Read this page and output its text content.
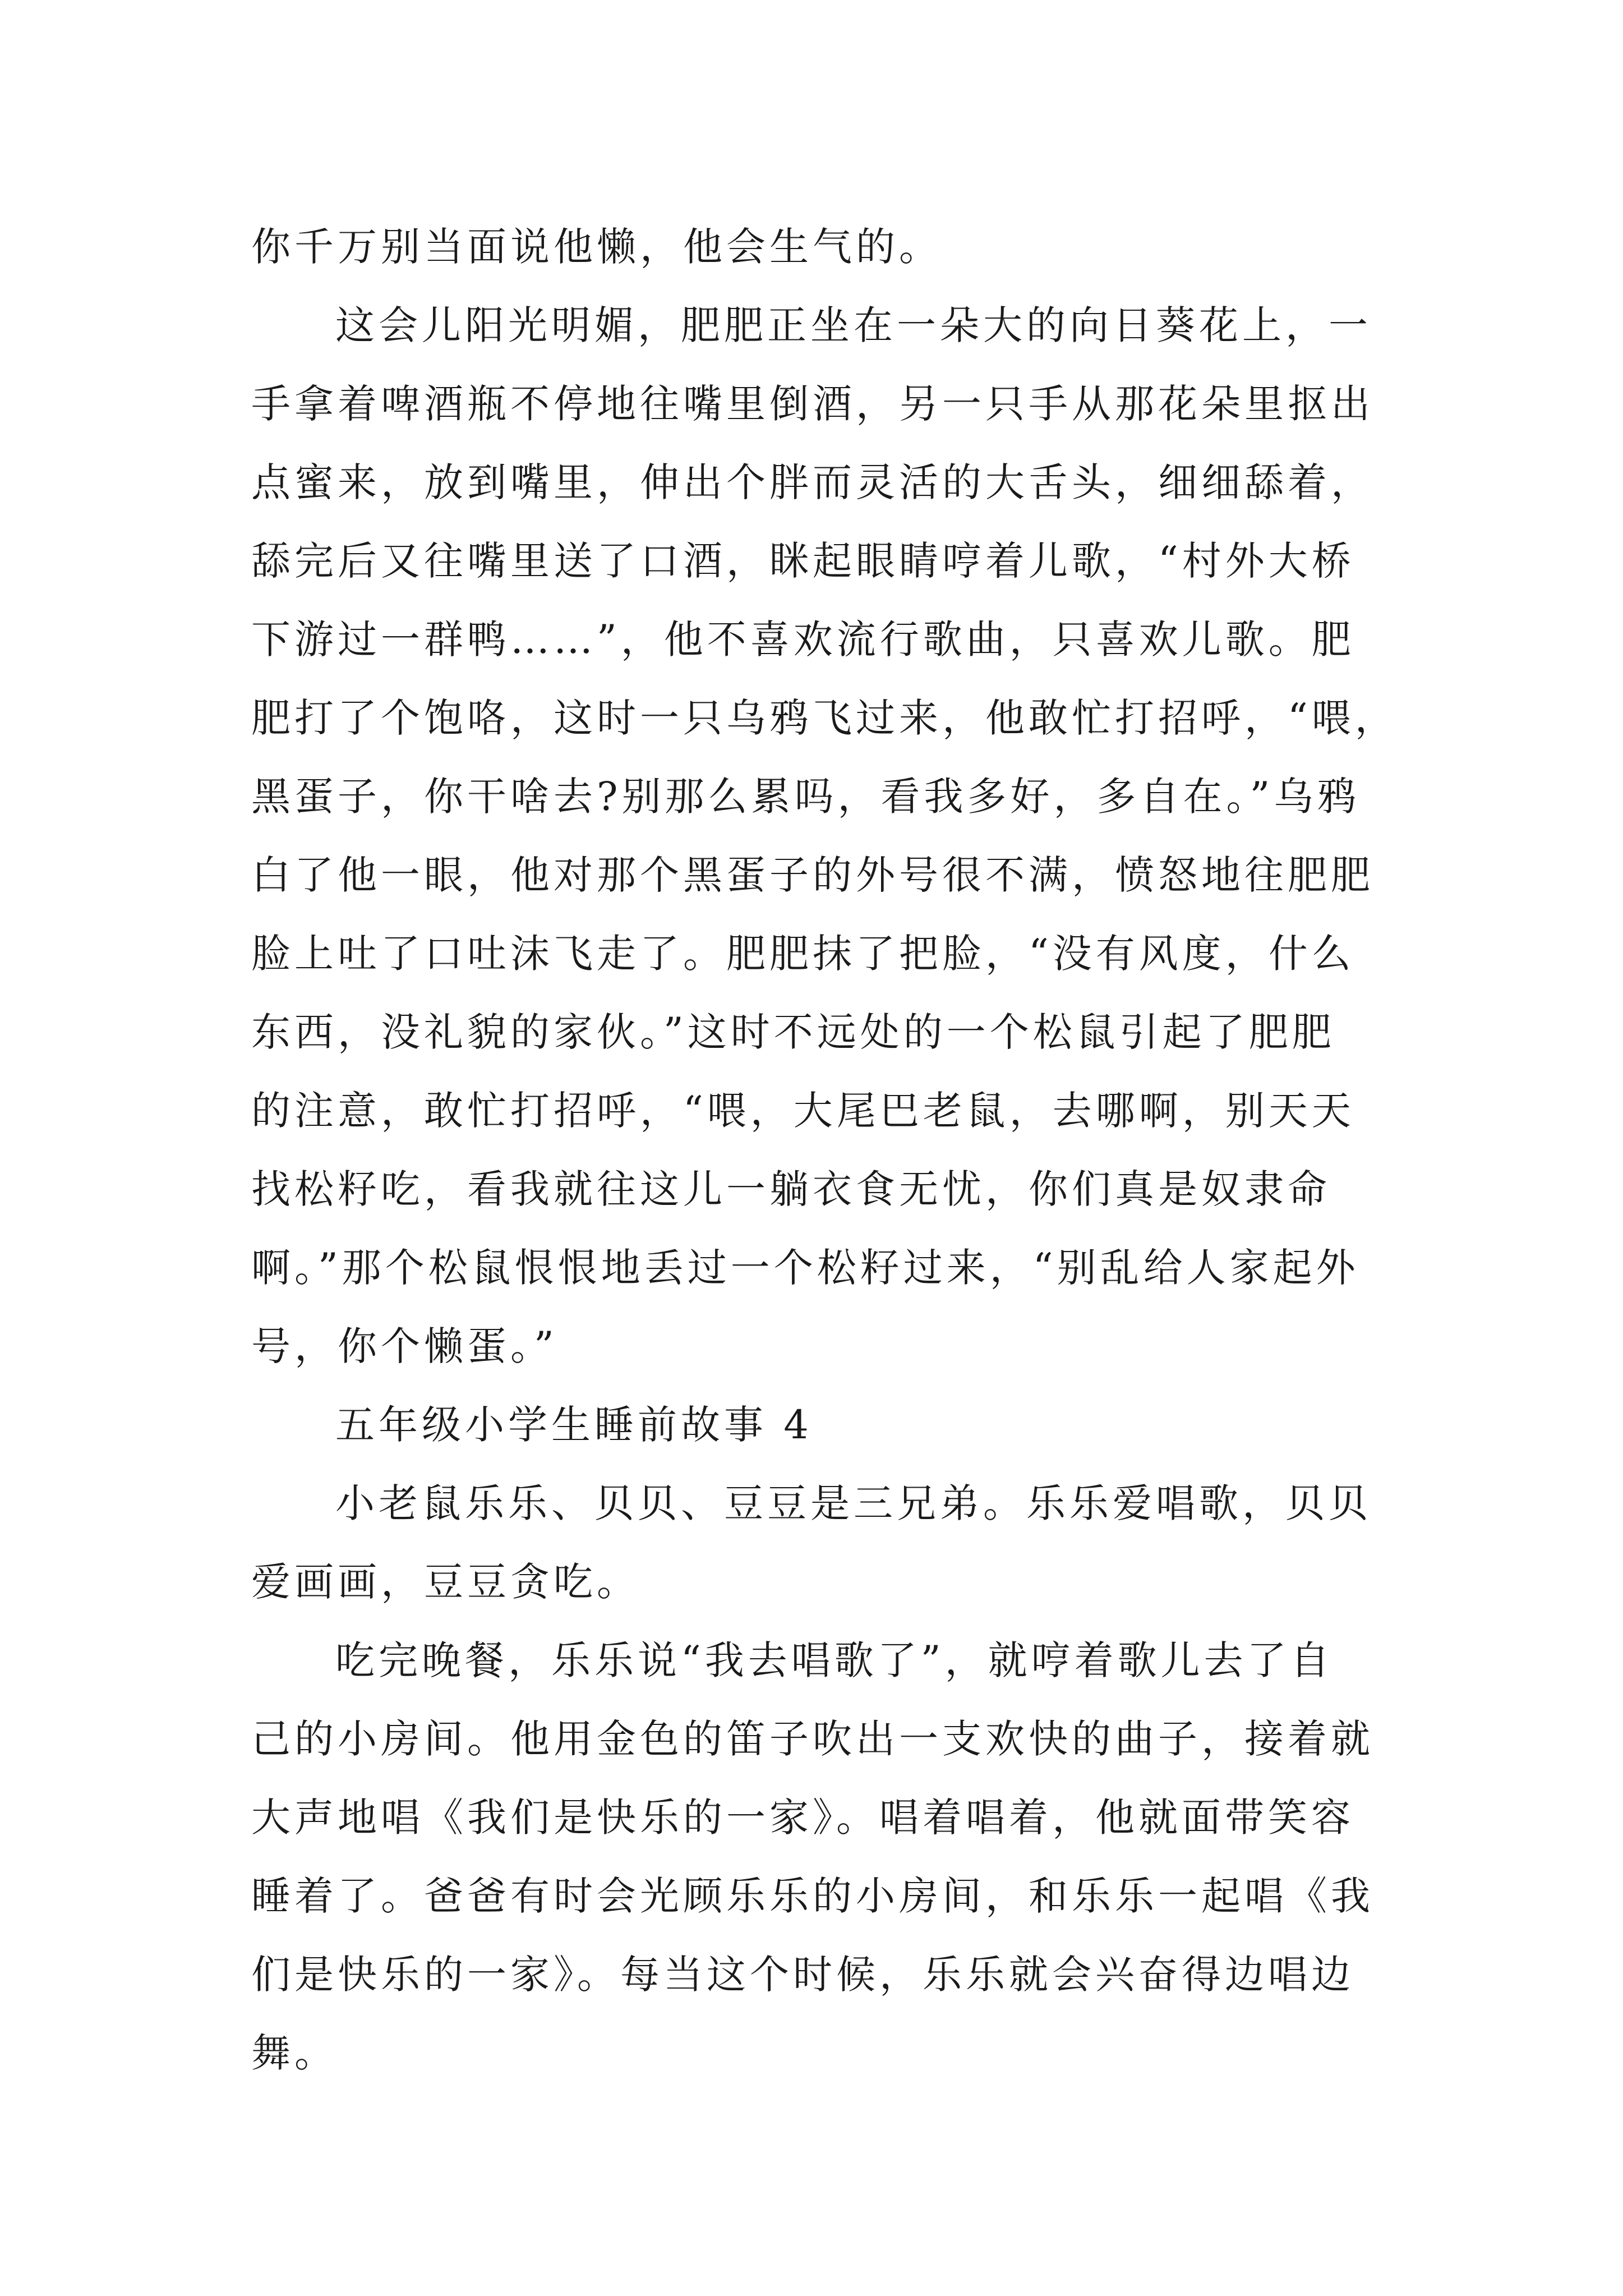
你千万别当面说他懒，他会生气的。
这会儿阳光明媚，肥肥正坐在一朵大的向日葵花上，一
手拿着啤酒瓶不停地往嘴里倒酒，另一只手从那花朵里抠出
点蜜来，放到嘴里，伸出个胖而灵活的大舌头，细细舔着，
舔完后又往嘴里送了口酒，眯起眼睛哼着儿歌，“村外大桥
下游过一群鸭……”，他不喜欢流行歌曲，只喜欢儿歌。肥
肥打了个饱咯，这时一只乌鸦飞过来，他敢忙打招呼，“喂，
黑蛋子，你干啥去?别那么累吗，看我多好，多自在。”乌鸦
白了他一眼，他对那个黑蛋子的外号很不满，愤怒地往肥肥
脸上吐了口吐沫飞走了。肥肥抹了把脸，“没有风度，什么
东西，没礼貌的家伙。”这时不远处的一个松鼠引起了肥肥
的注意，敢忙打招呼，“喂，大尾巴老鼠，去哪啊，别天天
找松籽吃，看我就往这儿一躺衣食无忧，你们真是奴隶命
啊。”那个松鼠恨恨地丢过一个松籽过来，“别乱给人家起外
号，你个懒蛋。”
五年级小学生睡前故事 4
小老鼠乐乐、贝贝、豆豆是三兄弟。乐乐爱唱歌，贝贝
爱画画，豆豆贪吃。
吃完晚餐，乐乐说“我去唱歌了”，就哼着歌儿去了自
己的小房间。他用金色的笛子吹出一支欢快的曲子，接着就
大声地唱《我们是快乐的一家》。唱着唱着，他就面带笑容
睡着了。爸爸有时会光顾乐乐的小房间，和乐乐一起唱《我
们是快乐的一家》。每当这个时候，乐乐就会兴奋得边唱边
舞。
